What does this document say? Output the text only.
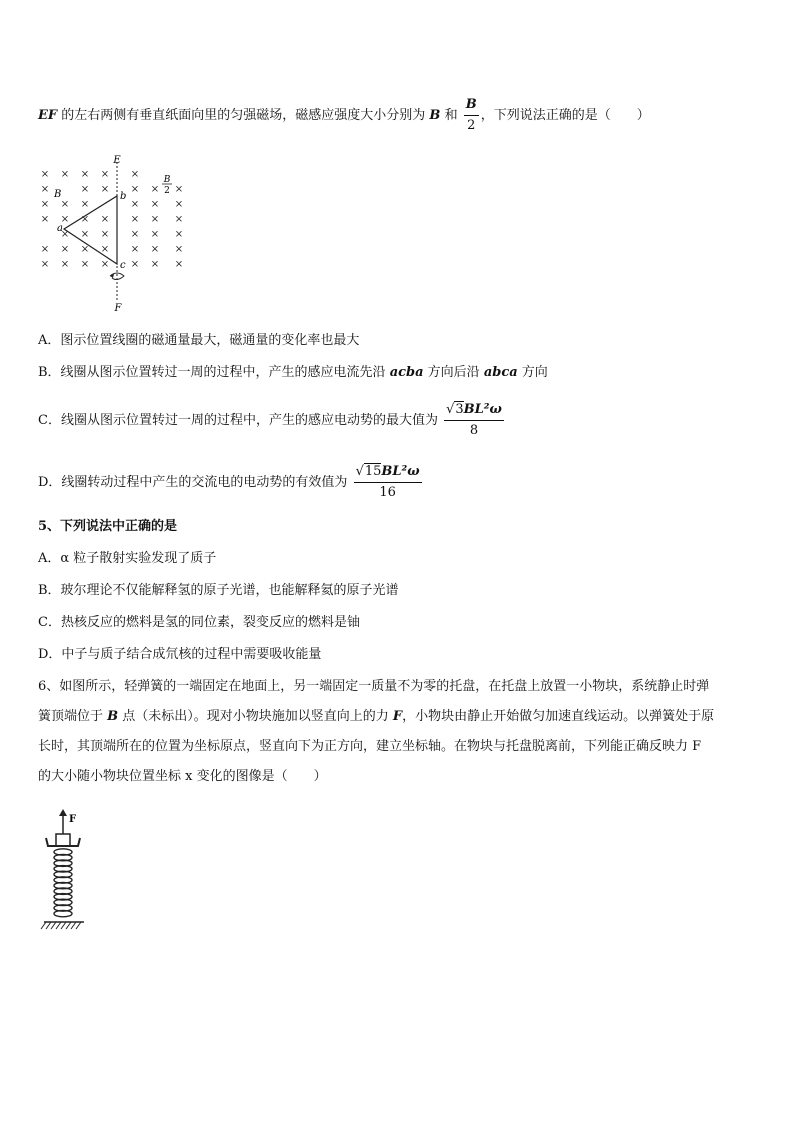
EF 的左右两侧有垂直纸面向里的匀强磁场，磁感应强度大小分别为 B 和 $\frac{B}{2}$ ，下列说法正确的是（　　）
× × × × ×
×	× × × × ×
× × ×	× × ×
× × × × × × ×
× × × × × ×
× × × × × × ×
× × × × × × ×
E
F
a
b
c
B
B
2
A．图示位置线圈的磁通量最大，磁通量的变化率也最大
B．线圈从图示位置转过一周的过程中，产生的感应电流先沿 acba 方向后沿 abca 方向
C．线圈从图示位置转过一周的过程中，产生的感应电动势的最大值为 $\frac{\text{√3BL²ω}}{8}$
D．线圈转动过程中产生的交流电的电动势的有效值为 $\frac{\text{√15BL²ω}}{16}$
5、下列说法中正确的是
A．α 粒子散射实验发现了质子
B．玻尔理论不仅能解释氢的原子光谱，也能解释氦的原子光谱
C．热核反应的燃料是氢的同位素，裂变反应的燃料是铀
D．中子与质子结合成氘核的过程中需要吸收能量
6、如图所示，轻弹簧的一端固定在地面上，另一端固定一质量不为零的托盘，在托盘上放置一小物块，系统静止时弹
簧顶端位于 B 点（未标出）。现对小物块施加以竖直向上的力 F，小物块由静止开始做匀加速直线运动。以弹簧处于原
长时，其顶端所在的位置为坐标原点，竖直向下为正方向，建立坐标轴。在物块与托盘脱离前，下列能正确反映力 F
的大小随小物块位置坐标 x 变化的图像是（　　）
F
